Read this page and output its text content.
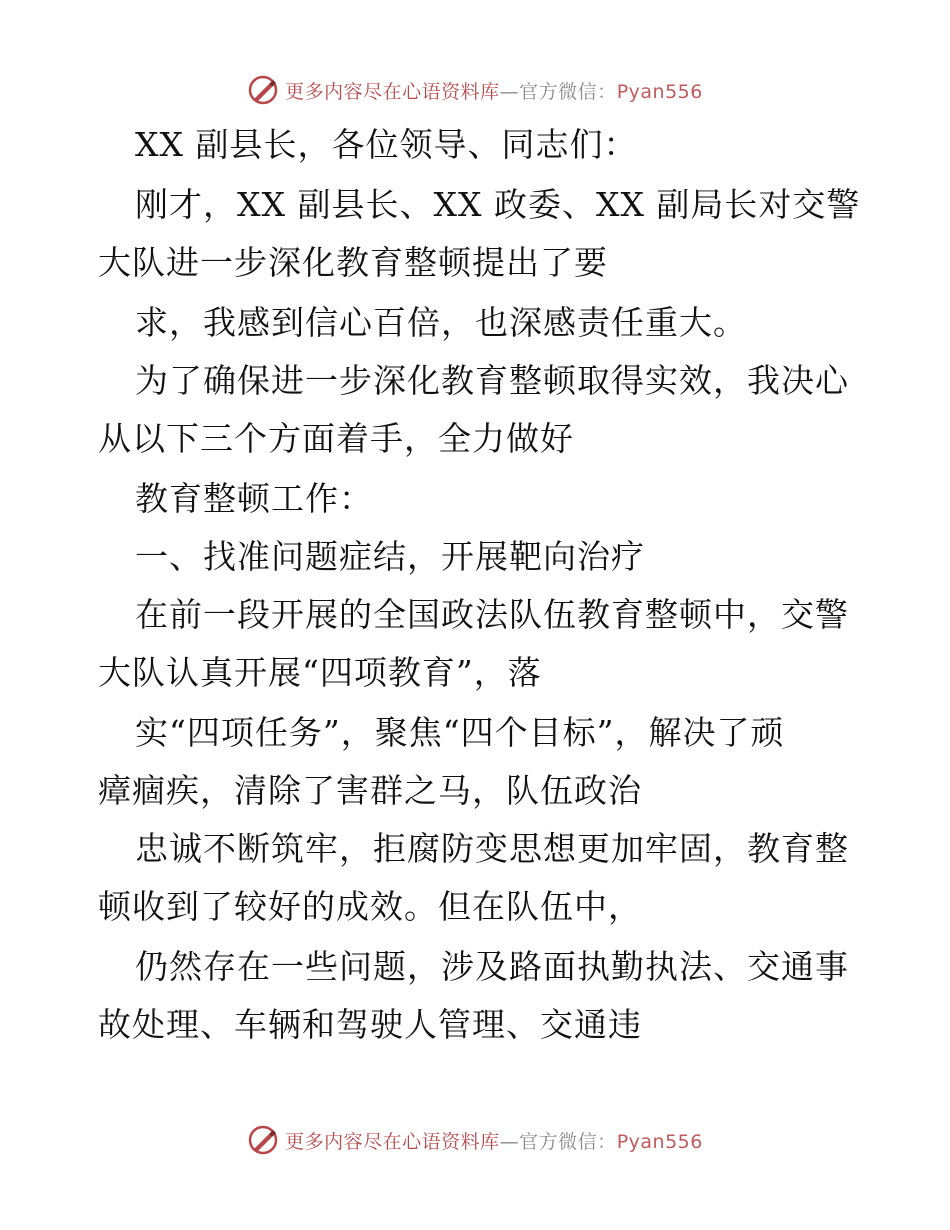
更多内容尽在心语资料库—官方微信：Pyan556
XX 副县长，各位领导、同志们：
刚才，XX 副县长、XX 政委、XX 副局长对交警
大队进一步深化教育整顿提出了要
求，我感到信心百倍，也深感责任重大。
为了确保进一步深化教育整顿取得实效，我决心
从以下三个方面着手，全力做好
教育整顿工作：
一、找准问题症结，开展靶向治疗
在前一段开展的全国政法队伍教育整顿中，交警
大队认真开展“四项教育”，落
实“四项任务”，聚焦“四个目标”，解决了顽
瘴痼疾，清除了害群之马，队伍政治
忠诚不断筑牢，拒腐防变思想更加牢固，教育整
顿收到了较好的成效。但在队伍中，
仍然存在一些问题，涉及路面执勤执法、交通事
故处理、车辆和驾驶人管理、交通违
更多内容尽在心语资料库—官方微信：Pyan556
